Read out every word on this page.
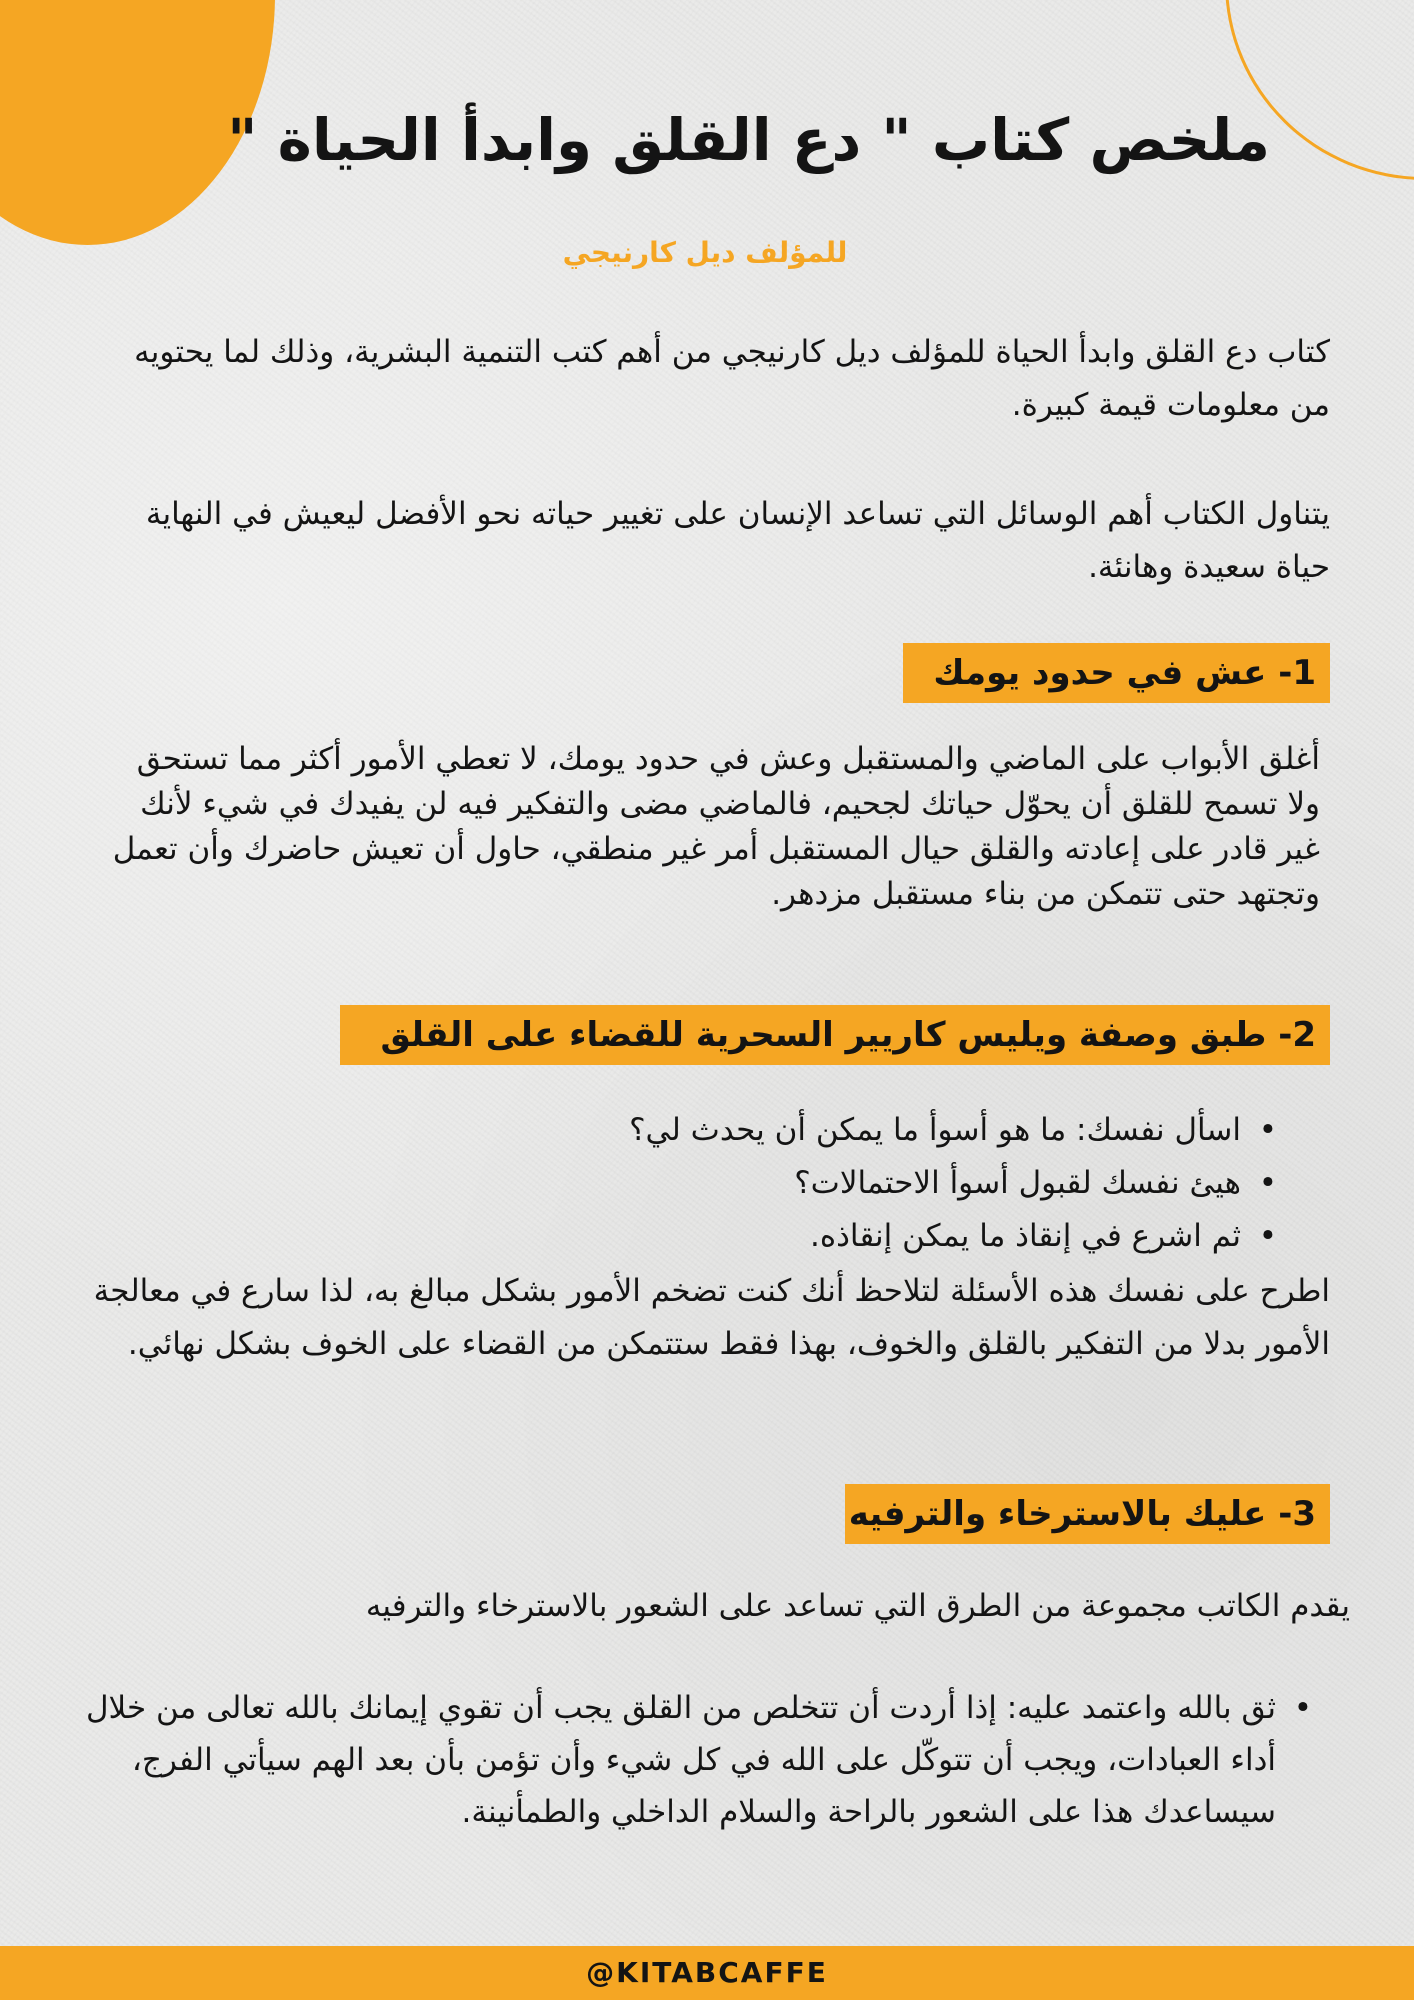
ملخص كتاب " دع القلق وابدأ الحياة "
للمؤلف ديل كارنيجي

كتاب دع القلق وابدأ الحياة للمؤلف ديل كارنيجي من أهم كتب التنمية البشرية، وذلك لما يحتويه من معلومات قيمة كبيرة.

يتناول الكتاب أهم الوسائل التي تساعد الإنسان على تغيير حياته نحو الأفضل ليعيش في النهاية حياة سعيدة وهانئة.

1- عش في حدود يومك

أغلق الأبواب على الماضي والمستقبل وعش في حدود يومك، لا تعطي الأمور أكثر مما تستحق ولا تسمح للقلق أن يحوّل حياتك لجحيم، فالماضي مضى والتفكير فيه لن يفيدك في شيء لأنك غير قادر على إعادته والقلق حيال المستقبل أمر غير منطقي، حاول أن تعيش حاضرك وأن تعمل وتجتهد حتى تتمكن من بناء مستقبل مزدهر.

2- طبق وصفة ويليس كاريير السحرية للقضاء على القلق
• اسأل نفسك: ما هو أسوأ ما يمكن أن يحدث لي؟
• هيئ نفسك لقبول أسوأ الاحتمالات؟
• ثم اشرع في إنقاذ ما يمكن إنقاذه.

اطرح على نفسك هذه الأسئلة لتلاحظ أنك كنت تضخم الأمور بشكل مبالغ به، لذا سارع في معالجة الأمور بدلا من التفكير بالقلق والخوف، بهذا فقط ستتمكن من القضاء على الخوف بشكل نهائي.

3- عليك بالاسترخاء والترفيه

يقدم الكاتب مجموعة من الطرق التي تساعد على الشعور بالاسترخاء والترفيه

• ثق بالله واعتمد عليه: إذا أردت أن تتخلص من القلق يجب أن تقوي إيمانك بالله تعالى من خلال أداء العبادات، ويجب أن تتوكّل على الله في كل شيء وأن تؤمن بأن بعد الهم سيأتي الفرج، سيساعدك هذا على الشعور بالراحة والسلام الداخلي والطمأنينة.
@KITABCAFFE
